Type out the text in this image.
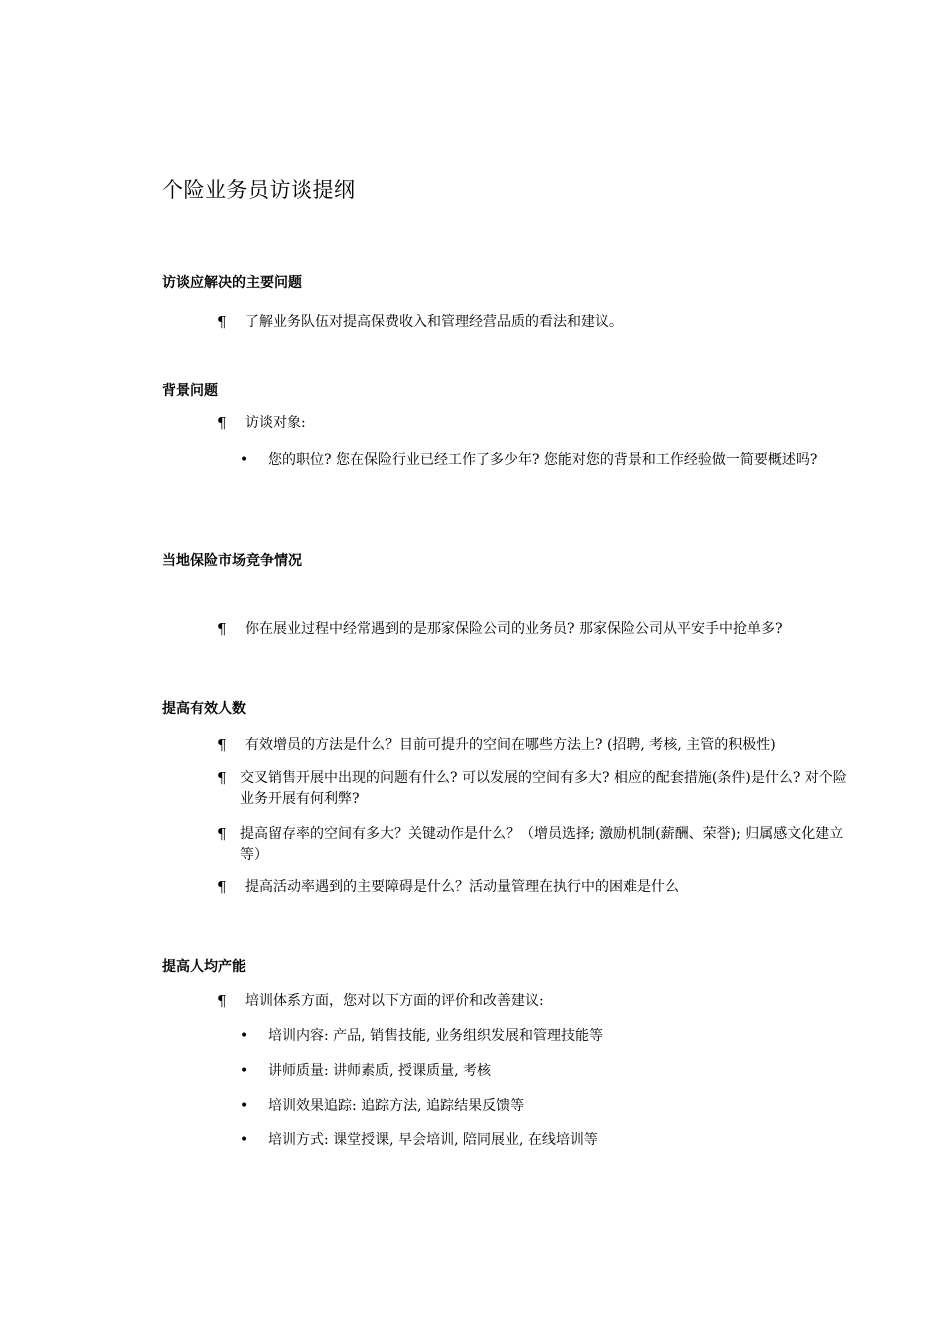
个险业务员访谈提纲
访谈应解决的主要问题
¶	了解业务队伍对提高保费收入和管理经营品质的看法和建议。
背景问题
¶	访谈对象:
•	您的职位? 您在保险行业已经工作了多少年? 您能对您的背景和工作经验做一简要概述吗?
当地保险市场竞争情况
¶	你在展业过程中经常遇到的是那家保险公司的业务员? 那家保险公司从平安手中抢单多?
提高有效人数
¶	有效增员的方法是什么？目前可提升的空间在哪些方法上? (招聘, 考核, 主管的积极性)
¶ 交叉销售开展中出现的问题有什么? 可以发展的空间有多大? 相应的配套措施(条件)是什么? 对个险业务开展有何利弊?
¶ 提高留存率的空间有多大？关键动作是什么？（增员选择; 激励机制(薪酬、荣誉); 归属感文化建立等）
¶	提高活动率遇到的主要障碍是什么？活动量管理在执行中的困难是什么
提高人均产能
¶	培训体系方面，您对以下方面的评价和改善建议:
•	培训内容: 产品, 销售技能, 业务组织发展和管理技能等
•	讲师质量: 讲师素质, 授课质量, 考核
•	培训效果追踪: 追踪方法, 追踪结果反馈等
•	培训方式: 课堂授课, 早会培训, 陪同展业, 在线培训等
